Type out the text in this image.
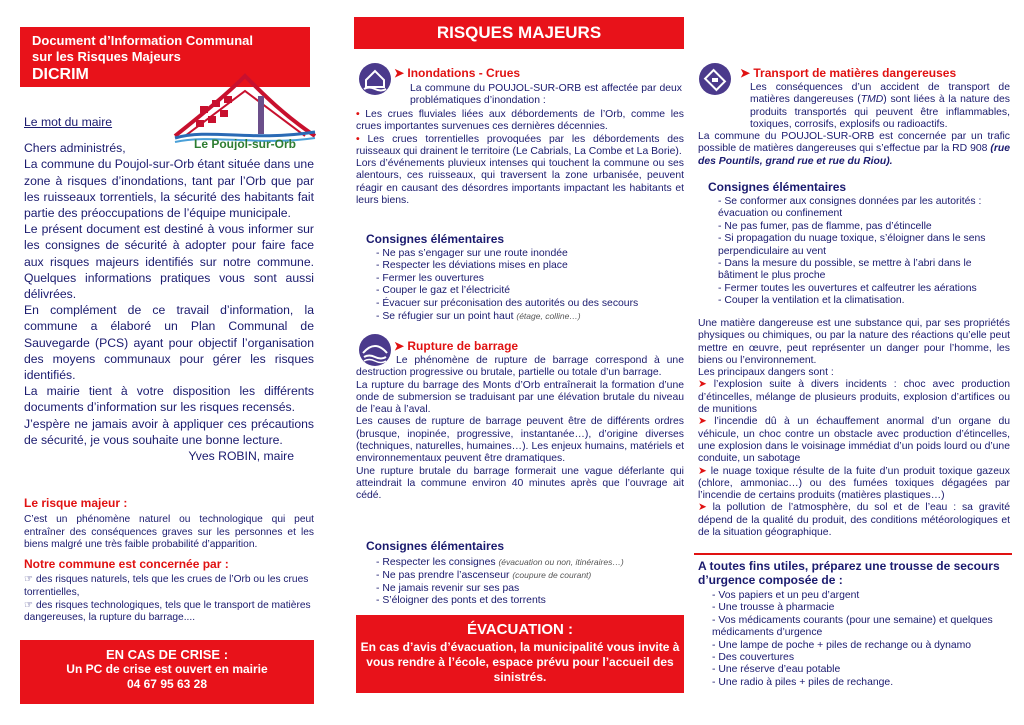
Document d’Information Communal
sur les Risques Majeurs
DICRIM
Le Poujol-sur-Orb

Le mot du maire

Chers administrés,

La commune du Poujol-sur-Orb étant située dans une zone à risques d’inondations, tant par l’Orb que par les ruisseaux torrentiels, la sécurité des habitants fait partie des préoccupations de l’équipe municipale.

Le présent document est destiné à vous informer sur les consignes de sécurité à adopter pour faire face aux risques majeurs identifiés sur notre commune. Quelques informations pratiques vous sont aussi délivrées.

En complément de ce travail d’information, la commune a élaboré un Plan Communal de Sauvegarde (PCS) ayant pour objectif l’organisation des moyens communaux pour gérer les risques identifiés.

La mairie tient à votre disposition les différents documents d’information sur les risques recensés.

J’espère ne jamais avoir à appliquer ces précautions de sécurité, je vous souhaite une bonne lecture.

Yves ROBIN, maire

Le risque majeur :

C’est un phénomène naturel ou technologique qui peut entraîner des conséquences graves sur les personnes et les biens malgré une très faible probabilité d’apparition.

Notre commune est concernée par :

☞ des risques naturels, tels que les crues de l’Orb ou les crues torrentielles,

☞ des risques technologiques, tels que le transport de matières dangereuses, la rupture du barrage....

EN CAS DE CRISE :

Un PC de crise est ouvert en mairie

04 67 95 63 28

RISQUES MAJEURS
➤ Inondations - Crues
La commune du POUJOL-SUR-ORB est affectée par deux problématiques d’inondation :

• Les crues fluviales liées aux débordements de l’Orb, comme les crues importantes survenues ces dernières décennies.

• Les crues torrentielles provoquées par les débordements des ruisseaux qui drainent le territoire (Le Cabrials, La Combe et La Borie).

Lors d’événements pluvieux intenses qui touchent la commune ou ses alentours, ces ruisseaux, qui traversent la zone urbanisée, peuvent réagir en causant des désordres importants impactant les habitants et leurs biens.

Consignes élémentaires
- Ne pas s’engager sur une route inondée
- Respecter les déviations mises en place
- Fermer les ouvertures
- Couper le gaz et l’électricité
- Évacuer sur préconisation des autorités ou des secours
- Se réfugier sur un point haut (étage, colline…)
➤ Rupture de barrage

Le phénomène de rupture de barrage correspond à une destruction progressive ou brutale, partielle ou totale d’un barrage.

La rupture du barrage des Monts d’Orb entraînerait la formation d’une onde de submersion se traduisant par une élévation brutale du niveau de l’eau à l’aval.

Les causes de rupture de barrage peuvent être de différents ordres (brusque, inopinée, progressive, instantanée…), d’origine diverses (techniques, naturelles, humaines…). Les enjeux humains, matériels et environnementaux peuvent être dramatiques.

Une rupture brutale du barrage formerait une vague déferlante qui atteindrait la commune environ 40 minutes après que l’ouvrage ait cédé.

Consignes élémentaires
- Respecter les consignes (évacuation ou non, itinéraires…)
- Ne pas prendre l’ascenseur (coupure de courant)
- Ne jamais revenir sur ses pas
- S’éloigner des ponts et des torrents

ÉVACUATION :

En cas d’avis d’évacuation, la municipalité vous invite à vous rendre à l’école, espace prévu pour l’accueil des sinistrés.

➤ Transport de matières dangereuses

Les conséquences d’un accident de transport de matières dangereuses (TMD) sont liées à la nature des produits transportés qui peuvent être inflammables, toxiques, corrosifs, explosifs ou radioactifs.

La commune du POUJOL-SUR-ORB est concernée par un trafic possible de matières dangereuses qui s’effectue par la RD 908 (rue des Pountils, grand rue et rue du Riou).

Consignes élémentaires
- Se conformer aux consignes données par les autorités : évacuation ou confinement
- Ne pas fumer, pas de flamme, pas d’étincelle
- Si propagation du nuage toxique, s’éloigner dans le sens perpendiculaire au vent
- Dans la mesure du possible, se mettre à l’abri dans le bâtiment le plus proche
- Fermer toutes les ouvertures et calfeutrer les aérations
- Couper la ventilation et la climatisation.

Une matière dangereuse est une substance qui, par ses propriétés physiques ou chimiques, ou par la nature des réactions qu’elle peut mettre en œuvre, peut représenter un danger pour l’homme, les biens ou l’environnement.

Les principaux dangers sont :

➤ l’explosion suite à divers incidents : choc avec production d’étincelles, mélange de plusieurs produits, explosion d’artifices ou de munitions

➤ l’incendie dû à un échauffement anormal d’un organe du véhicule, un choc contre un obstacle avec production d’étincelles, une explosion dans le voisinage immédiat d’un poids lourd ou d’une conduite, un sabotage

➤ le nuage toxique résulte de la fuite d’un produit toxique gazeux (chlore, ammoniac…) ou des fumées toxiques dégagées par l’incendie de certains produits (matières plastiques…)

➤ la pollution de l’atmosphère, du sol et de l’eau : sa gravité dépend de la qualité du produit, des conditions météorologiques et de la situation géographique.

A toutes fins utiles, préparez une trousse de secours d’urgence composée de :
- Vos papiers et un peu d’argent
- Une trousse à pharmacie
- Vos médicaments courants (pour une semaine) et quelques médicaments d’urgence
- Une lampe de poche + piles de rechange ou à dynamo
- Des couvertures
- Une réserve d’eau potable
- Une radio à piles + piles de rechange.
